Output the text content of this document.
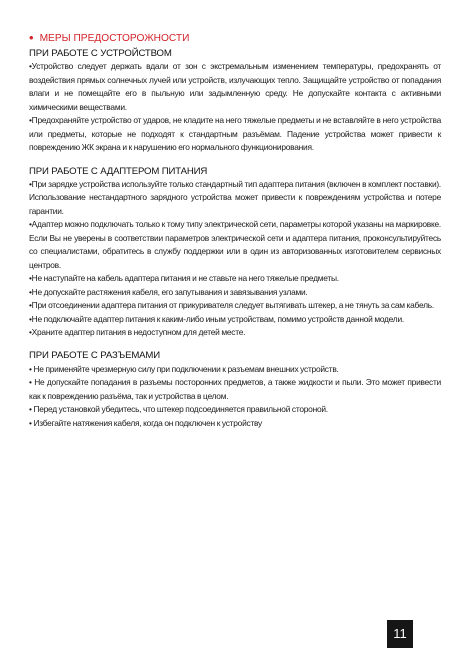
• МЕРЫ ПРЕДОСТОРОЖНОСТИ
ПРИ РАБОТЕ С УСТРОЙСТВОМ

•Устройство следует держать вдали от зон с экстремальным изменением температуры, предохранять от воздействия прямых солнечных лучей или устройств, излучающих тепло. Защищайте устройство от попадания влаги и не помещайте его в пыльную или задымленную среду. Не допускайте контакта с активными химическими веществами.

•Предохраняйте устройство от ударов, не кладите на него тяжелые предметы и не вставляйте в него устройства или предметы, которые не подходят к стандартным разъёмам. Падение устройства может привести к повреждению ЖК экрана и к нарушению его нормального функционирования.

ПРИ РАБОТЕ С АДАПТЕРОМ ПИТАНИЯ

•При зарядке устройства используйте только стандартный тип адаптера питания (включен в комплект поставки). Использование нестандартного зарядного устройства может привести к повреждениям устройства и потере гарантии.

•Адаптер можно подключать только к тому типу электрической сети, параметры которой указаны на маркировке. Если Вы не уверены в соответствии параметров электрической сети и адаптера питания, проконсультируйтесь со специалистами, обратитесь в службу поддержки или в один из авторизованных изготовителем сервисных центров.

•Не наступайте на кабель адаптера питания и не ставьте на него тяжелые предметы.

•Не допускайте растяжения кабеля, его запутывания и завязывания узлами.

•При отсоединении адаптера питания от прикуривателя следует вытягивать штекер, а не тянуть за сам кабель.

•Не подключайте адаптер питания к каким-либо иным устройствам, помимо устройств данной модели.

•Храните адаптер питания в недоступном для детей месте.

ПРИ РАБОТЕ С РАЗЪЕМАМИ

• Не применяйте чрезмерную силу при подключении к разъемам внешних устройств.

• Не допускайте попадания в разъемы посторонних предметов, а также жидкости и пыли. Это может привести как к повреждению разъёма, так и устройства в целом.

• Перед установкой убедитесь, что штекер подсоединяется правильной стороной.

• Избегайте натяжения кабеля, когда он подключен к устройству

11
